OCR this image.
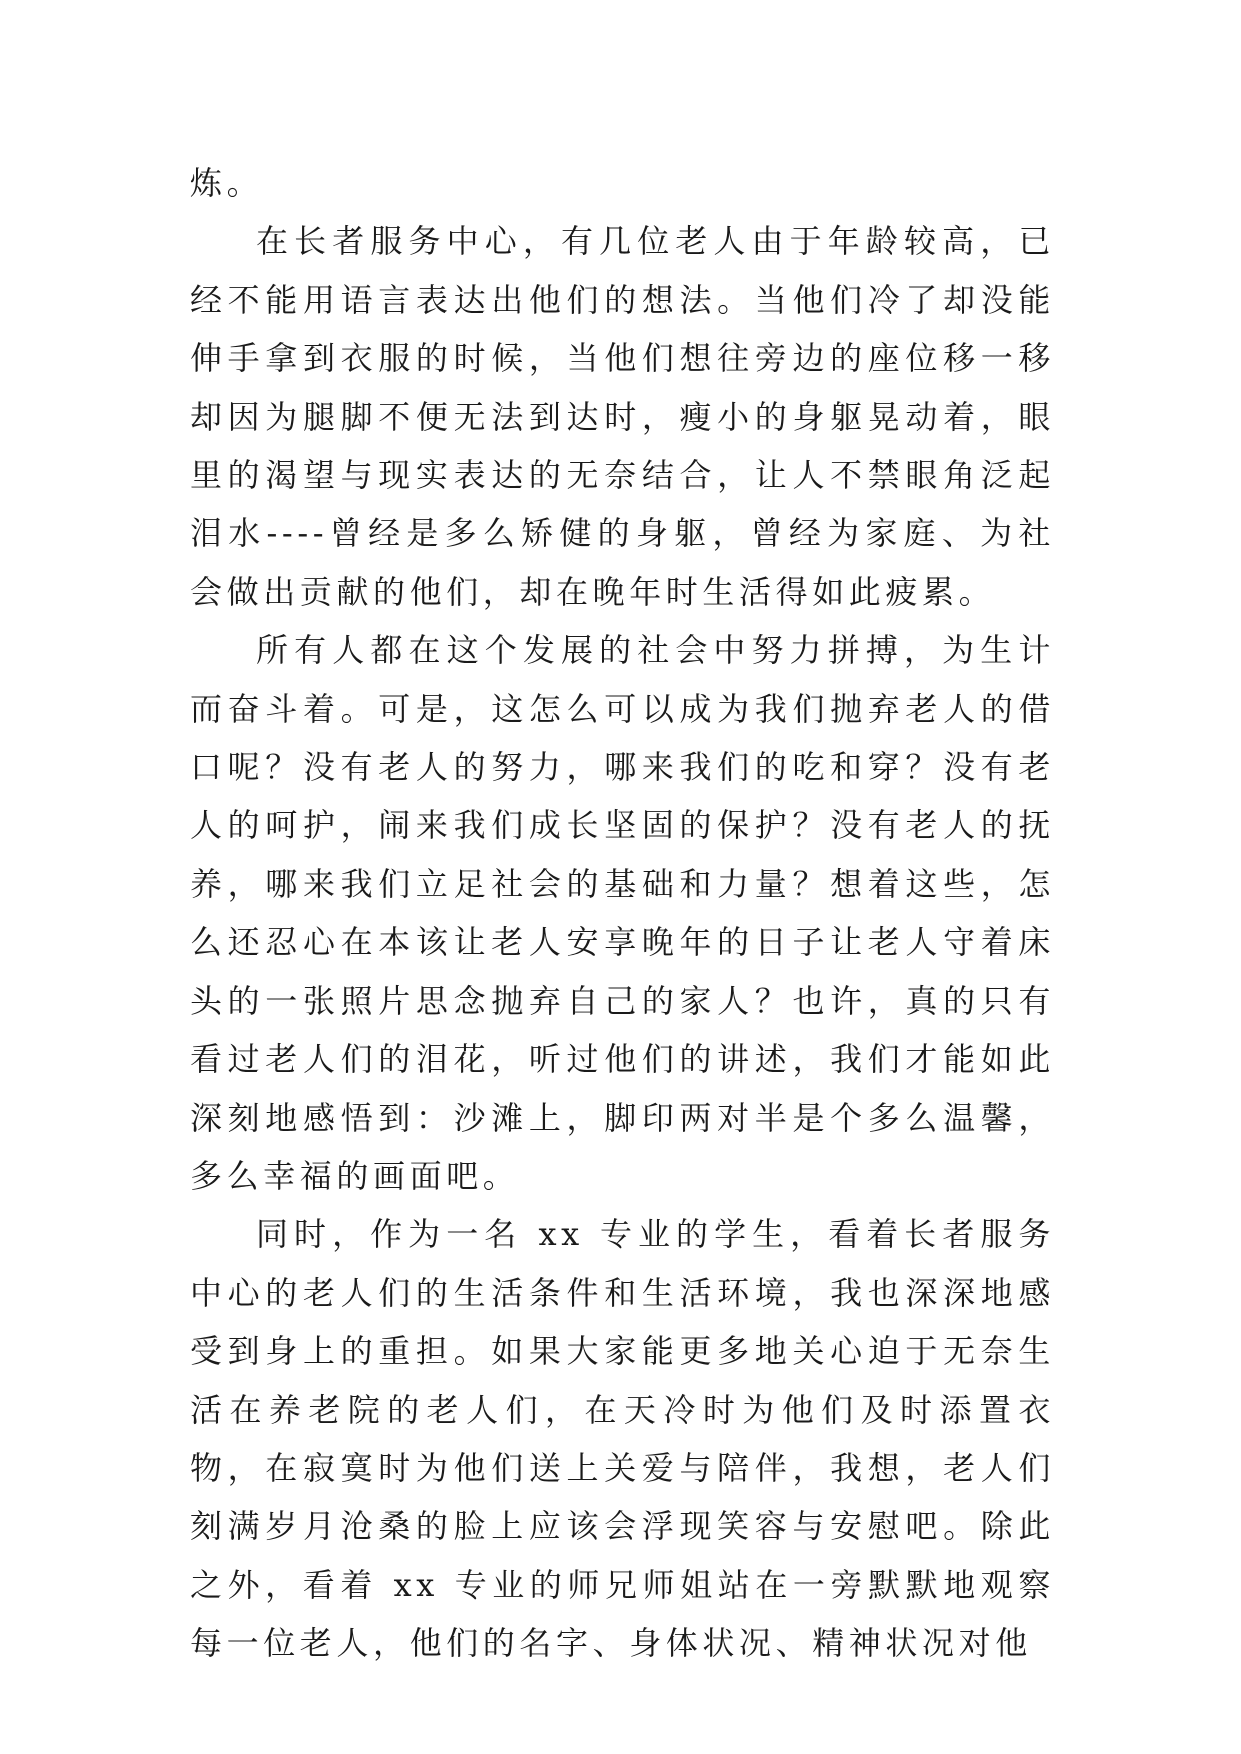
炼。

在长者服务中心，有几位老人由于年龄较高，已经不能用语言表达出他们的想法。当他们冷了却没能伸手拿到衣服的时候，当他们想往旁边的座位移一移却因为腿脚不便无法到达时，瘦小的身躯晃动着，眼里的渴望与现实表达的无奈结合，让人不禁眼角泛起泪水----曾经是多么矫健的身躯，曾经为家庭、为社会做出贡献的他们，却在晚年时生活得如此疲累。

所有人都在这个发展的社会中努力拼搏，为生计而奋斗着。可是，这怎么可以成为我们抛弃老人的借口呢？没有老人的努力，哪来我们的吃和穿？没有老人的呵护，闹来我们成长坚固的保护？没有老人的抚养，哪来我们立足社会的基础和力量？想着这些，怎么还忍心在本该让老人安享晚年的日子让老人守着床头的一张照片思念抛弃自己的家人？也许，真的只有看过老人们的泪花，听过他们的讲述，我们才能如此深刻地感悟到：沙滩上，脚印两对半是个多么温馨，多么幸福的画面吧。

同时，作为一名 xx 专业的学生，看着长者服务中心的老人们的生活条件和生活环境，我也深深地感受到身上的重担。如果大家能更多地关心迫于无奈生活在养老院的老人们，在天冷时为他们及时添置衣物，在寂寞时为他们送上关爱与陪伴，我想，老人们刻满岁月沧桑的脸上应该会浮现笑容与安慰吧。除此之外，看着 xx 专业的师兄师姐站在一旁默默地观察每一位老人，他们的名字、身体状况、精神状况对他
